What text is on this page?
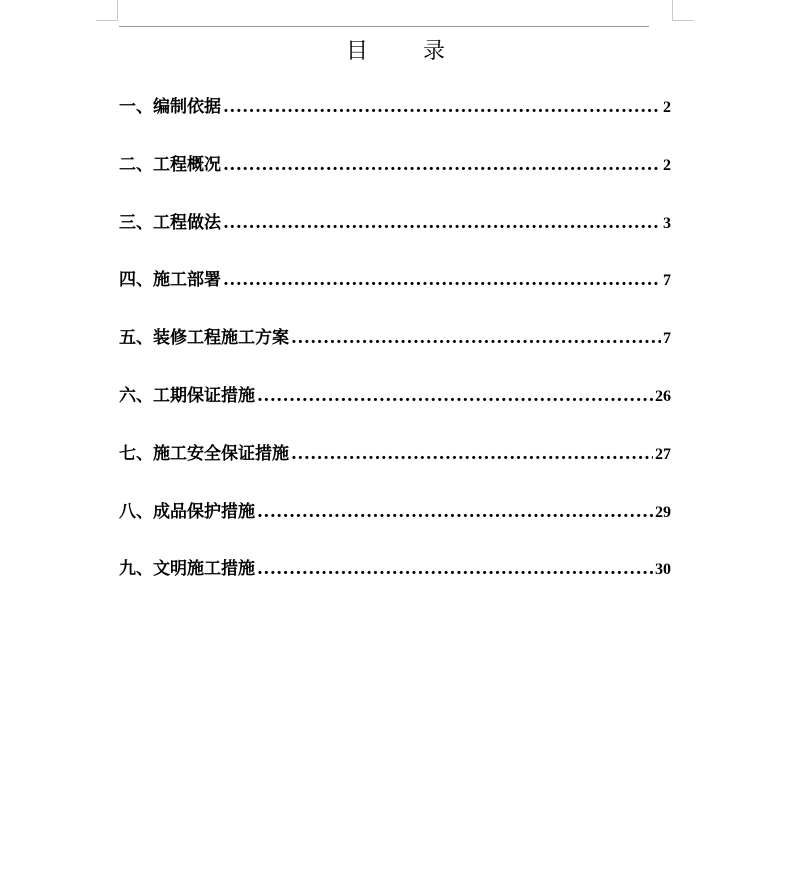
目 录
一、编制依据 .....	2
二、工程概况 .....	2
三、工程做法 .....	3
四、施工部署 .....	7
五、装修工程施工方案 .....	7
六、工期保证措施 .....	26
七、施工安全保证措施 .....	27
八、成品保护措施 .....	29
九、文明施工措施 .....	30
